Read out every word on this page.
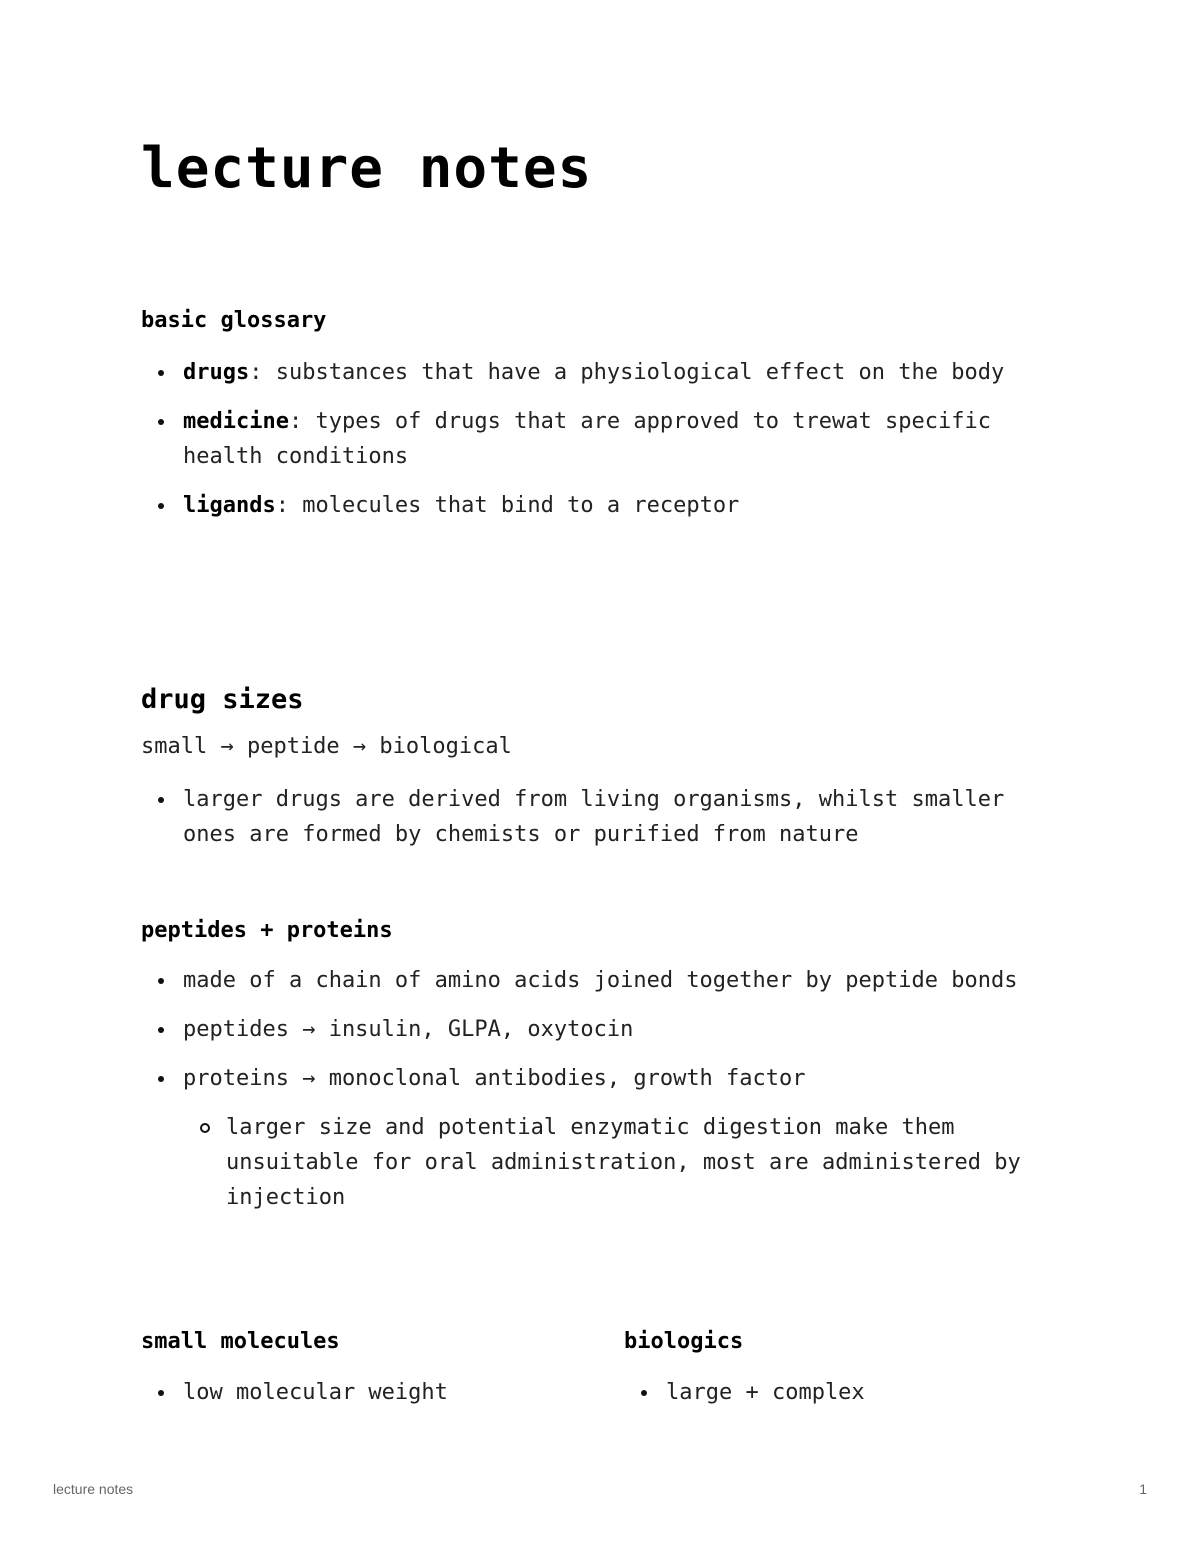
lecture notes
basic glossary
drugs: substances that have a physiological effect on the body
medicine: types of drugs that are approved to trewat specific health conditions
ligands: molecules that bind to a receptor
drug sizes

small → peptide → biological

larger drugs are derived from living organisms, whilst smaller ones are formed by chemists or purified from nature
peptides + proteins
made of a chain of amino acids joined together by peptide bonds
peptides → insulin, GLPA, oxytocin
proteins → monoclonal antibodies, growth factor
larger size and potential enzymatic digestion make them unsuitable for oral administration, most are administered by injection
small molecules
low molecular weight
biologics
large + complex
lecture notes	1
